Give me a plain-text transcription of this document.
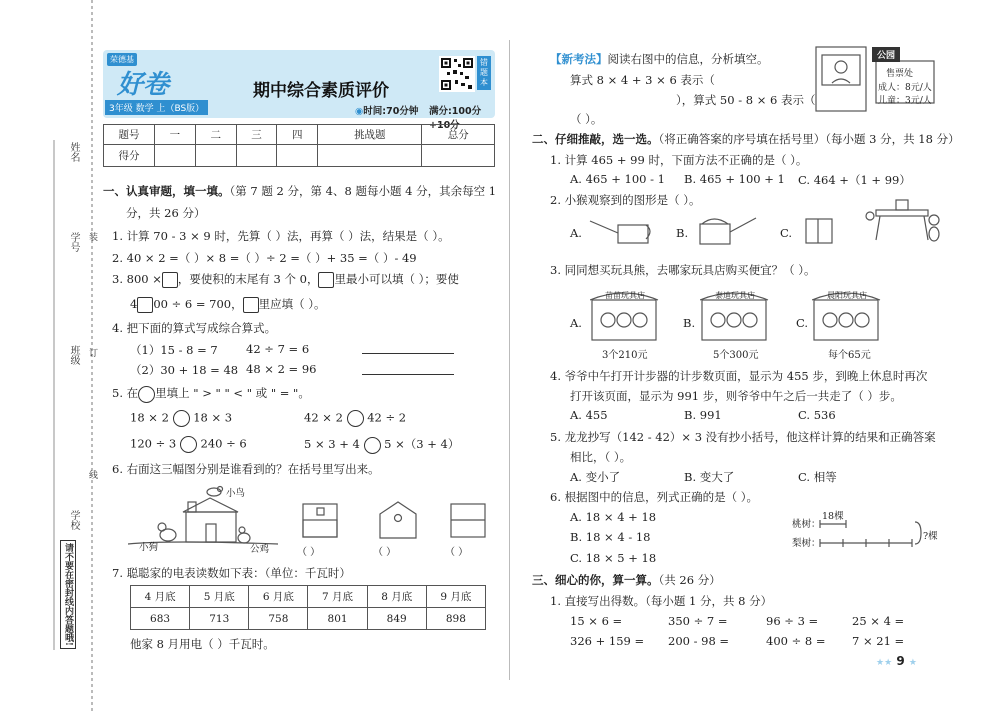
姓名
学号
班级
学校
装
订
线
请不要在密封线内答题哦!
荣德基
好卷
3年级 数学 上（BS版）
期中综合素质评价
错题本
◉时间:70分钟 满分:100分+10分
题号	一	二	三	四	挑战题	总分
得分						
一、认真审题，填一填。（第 7 题 2 分，第 4、8 题每小题 4 分，其余每空 1
分，共 26 分）
1. 计算 70 - 3 × 9 时，先算（ ）法，再算（ ）法，结果是（ ）。
2. 40 × 2 =（ ）× 8 =（ ）÷ 2 =（ ）+ 35 =（ ）- 49
3. 800 × ，要使积的末尾有 3 个 0， 里最小可以填（ ）；要使
4 00 ÷ 6 = 700， 里应填（ ）。
4. 把下面的算式写成综合算式。
（1）15 - 8 = 7 42 ÷ 7 = 6
（2）30 + 18 = 48 48 × 2 = 96
5. 在 里填上 " > " " < " 或 " = "。
18 × 2 18 × 3	42 × 2 42 ÷ 2
120 ÷ 3 240 ÷ 6	5 × 3 + 4 5 ×（3 + 4）
6. 右面这三幅图分别是谁看到的？在括号里写出来。
小鸟
小狗	公鸡	（ ）	（ ）	（ ）
7. 聪聪家的电表读数如下表：（单位：千瓦时）
4 月底	5 月底	6 月底	7 月底	8 月底	9 月底
683	713	758	801	849	898
他家 8 月用电（ ）千瓦时。
【新考法】阅读右图中的信息，分析填空。
算式 8 × 4 + 3 × 6 表示（
），算式 50 - 8 × 6 表示（
（ ）。
公园
售票处
成人：8元/人
儿童：3元/人
二、仔细推敲，选一选。（将正确答案的序号填在括号里）（每小题 3 分，共 18 分）
1. 计算 465 + 99 时，下面方法不正确的是（ ）。
A. 465 + 100 - 1 B. 465 + 100 + 1 C. 464 +（1 + 99）
2. 小猴观察到的图形是（ ）。
A.	B.	C.
3. 同同想买玩具熊，去哪家玩具店购买便宜？（ ）。
A.	B.	C.
苗苗玩具店	泰迪玩具店	晨阳玩具店
3个210元	5个300元	每个65元
4. 爷爷中午打开计步器的计步数页面，显示为 455 步，到晚上休息时再次
打开该页面，显示为 991 步，则爷爷中午之后一共走了（ ）步。
A. 455	B. 991	C. 536
5. 龙龙抄写（142 - 42）× 3 没有抄小括号，他这样计算的结果和正确答案
相比，（ ）。
A. 变小了	B. 变大了	C. 相等
6. 根据图中的信息，列式正确的是（ ）。
A. 18 × 4 + 18
B. 18 × 4 - 18
C. 18 × 5 + 18
桃树：
梨树：
18棵
?棵
三、细心的你，算一算。（共 26 分）
1. 直接写出得数。（每小题 1 分，共 8 分）
15 × 6 =	350 ÷ 7 =	96 ÷ 3 =	25 × 4 =
326 + 159 = 200 - 98 =	400 ÷ 8 = 7 × 21 =
★★ 9 ★
